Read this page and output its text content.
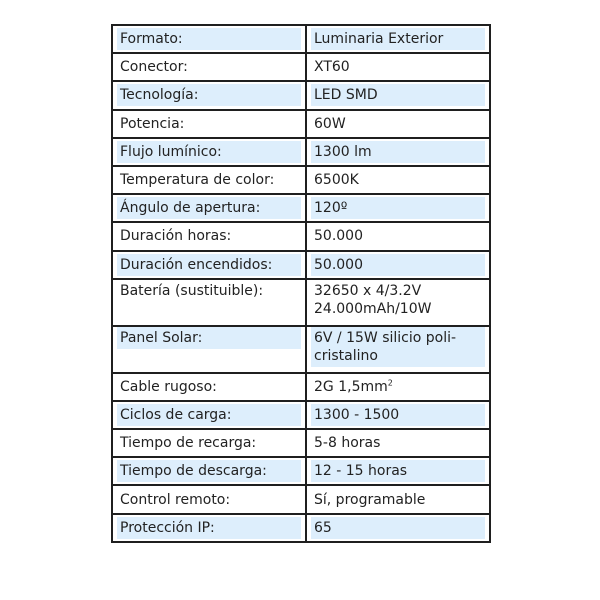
Formato:	Luminaria Exterior

Conector:	XT60

Tecnología:	LED SMD

Potencia:	60W

Flujo lumínico:	1300 lm

Temperatura de color:	6500K

Ángulo de apertura:	120º

Duración horas:	50.000

Duración encendidos:	50.000

Batería (sustituible):	32650 x 4/3.2V
24.000mAh/10W

Panel Solar:	6V / 15W silicio poli-
cristalino

Cable rugoso:	2G $1,5mm^2$

Ciclos de carga:	1300 - 1500

Tiempo de recarga:	5-8 horas

Tiempo de descarga:	12 - 15 horas

Control remoto:	Sí, programable

Protección IP:	65
